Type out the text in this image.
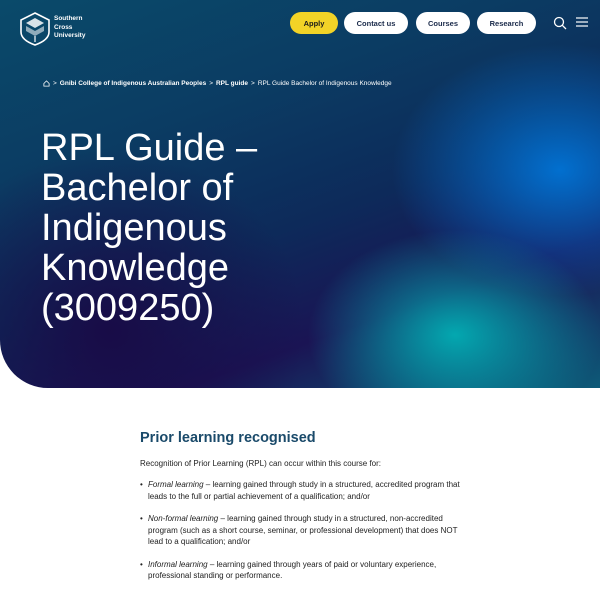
Southern
Cross
University
Apply	Contact us	Courses	Research
> Gnibi College of Indigenous Australian Peoples > RPL guide > RPL Guide Bachelor of Indigenous Knowledge
RPL Guide –
Bachelor of
Indigenous
Knowledge
(3009250)
Prior learning recognised

Recognition of Prior Learning (RPL) can occur within this course for:

• Formal learning – learning gained through study in a structured, accredited program that leads to the full or partial achievement of a qualification; and/or
• Non-formal learning – learning gained through study in a structured, non-accredited program (such as a short course, seminar, or professional development) that does NOT lead to a qualification; and/or
• Informal learning – learning gained through years of paid or voluntary experience, professional standing or performance.
